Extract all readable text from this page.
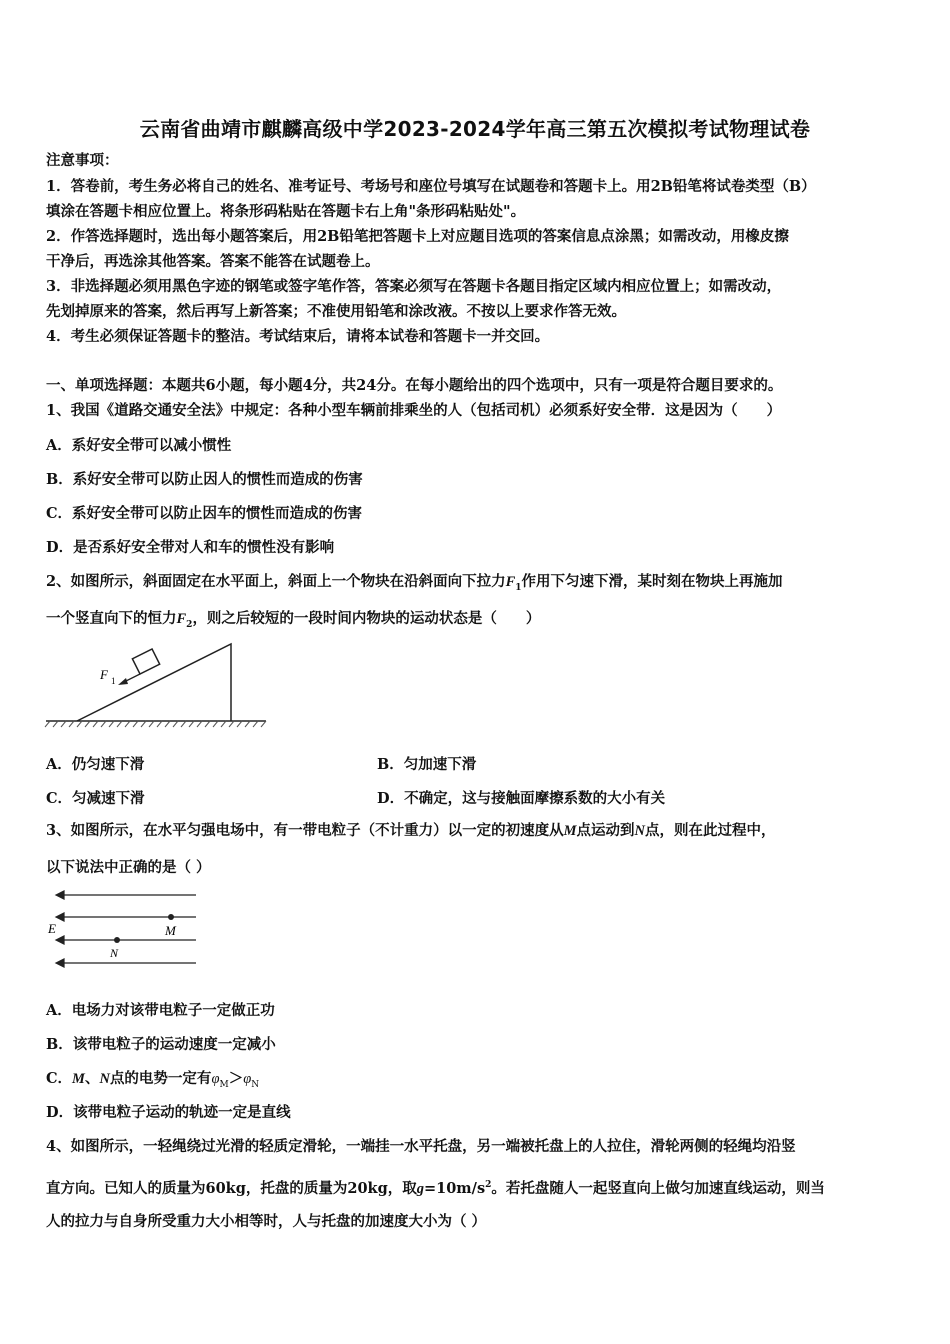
云南省曲靖市麒麟高级中学2023-2024学年高三第五次模拟考试物理试卷
注意事项：
1．答卷前，考生务必将自己的姓名、准考证号、考场号和座位号填写在试题卷和答题卡上。用2B铅笔将试卷类型（B）
填涂在答题卡相应位置上。将条形码粘贴在答题卡右上角"条形码粘贴处"。
2．作答选择题时，选出每小题答案后，用2B铅笔把答题卡上对应题目选项的答案信息点涂黑；如需改动，用橡皮擦
干净后，再选涂其他答案。答案不能答在试题卷上。
3．非选择题必须用黑色字迹的钢笔或签字笔作答，答案必须写在答题卡各题目指定区域内相应位置上；如需改动，
先划掉原来的答案，然后再写上新答案；不准使用铅笔和涂改液。不按以上要求作答无效。
4．考生必须保证答题卡的整洁。考试结束后，请将本试卷和答题卡一并交回。
一、单项选择题：本题共6小题，每小题4分，共24分。在每小题给出的四个选项中，只有一项是符合题目要求的。
1、我国《道路交通安全法》中规定：各种小型车辆前排乘坐的人（包括司机）必须系好安全带．这是因为（　　）
A．系好安全带可以减小惯性
B．系好安全带可以防止因人的惯性而造成的伤害
C．系好安全带可以防止因车的惯性而造成的伤害
D．是否系好安全带对人和车的惯性没有影响
2、如图所示，斜面固定在水平面上，斜面上一个物块在沿斜面向下拉力$F_1$作用下匀速下滑，某时刻在物块上再施加
一个竖直向下的恒力$F_2$，则之后较短的一段时间内物块的运动状态是（　　）
F 1
A．仍匀速下滑	B．匀加速下滑
C．匀减速下滑	D．不确定，这与接触面摩擦系数的大小有关
3、如图所示，在水平匀强电场中，有一带电粒子（不计重力）以一定的初速度从M点运动到N点，则在此过程中，
以下说法中正确的是（ ）
E	M
N
A．电场力对该带电粒子一定做正功
B．该带电粒子的运动速度一定减小
C．M、N点的电势一定有$\varphi_M>\varphi_N$
D．该带电粒子运动的轨迹一定是直线
4、如图所示，一轻绳绕过光滑的轻质定滑轮，一端挂一水平托盘，另一端被托盘上的人拉住，滑轮两侧的轻绳均沿竖
直方向。已知人的质量为60kg，托盘的质量为20kg，取$g=10m/s^2$。若托盘随人一起竖直向上做匀加速直线运动，则当
人的拉力与自身所受重力大小相等时，人与托盘的加速度大小为（ ）
